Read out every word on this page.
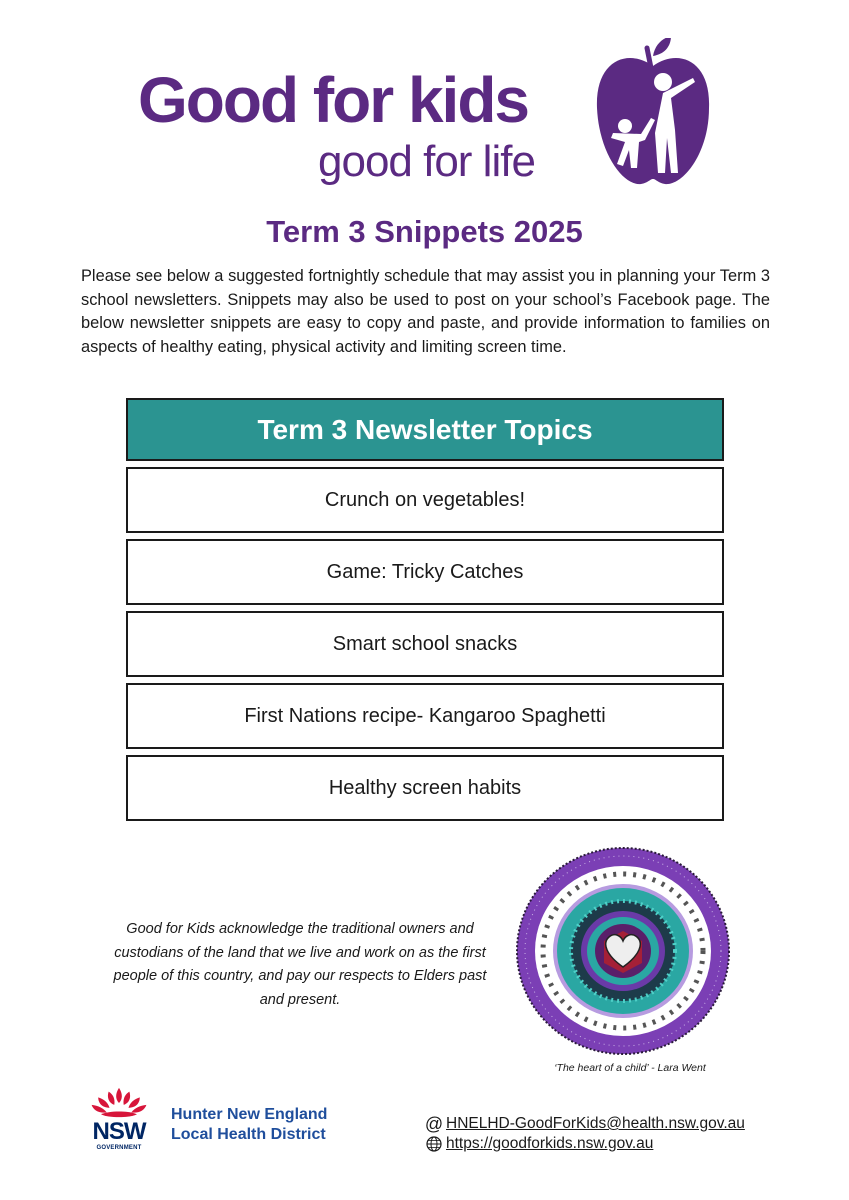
Good for kids
good for life
Term 3 Snippets 2025

Please see below a suggested fortnightly schedule that may assist you in planning your Term 3 school newsletters. Snippets may also be used to post on your school’s Facebook page. The below newsletter snippets are easy to copy and paste, and provide information to families on aspects of healthy eating, physical activity and limiting screen time.

Term 3 Newsletter Topics
Crunch on vegetables!
Game: Tricky Catches
Smart school snacks
First Nations recipe- Kangaroo Spaghetti
Healthy screen habits
Good for Kids acknowledge the traditional owners and custodians of the land that we live and work on as the first people of this country, and pay our respects to Elders past and present.
‘The heart of a child’ - Lara Went
NSW
GOVERNMENT
Hunter New England
Local Health District
@ HNELHD-GoodForKids@health.nsw.gov.au
https://goodforkids.nsw.gov.au
